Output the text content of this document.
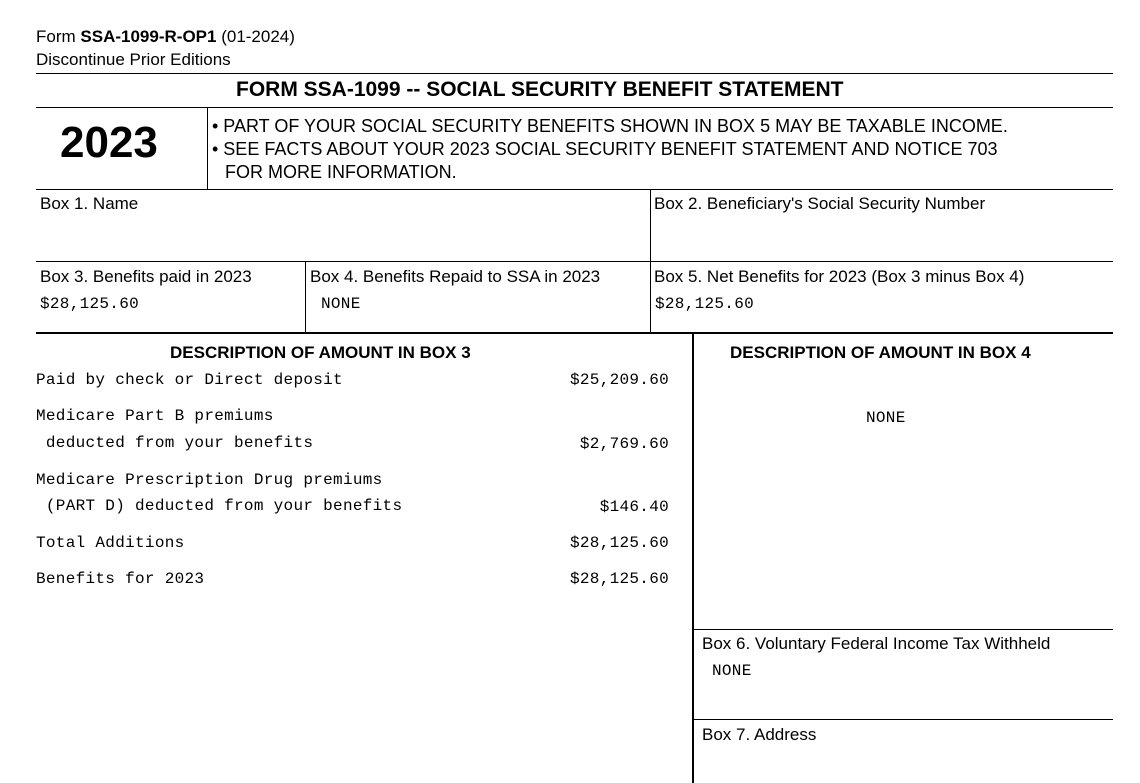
Form SSA-1099-R-OP1 (01-2024)
Discontinue Prior Editions
FORM SSA-1099 -- SOCIAL SECURITY BENEFIT STATEMENT
2023	• PART OF YOUR SOCIAL SECURITY BENEFITS SHOWN IN BOX 5 MAY BE TAXABLE INCOME.
• SEE FACTS ABOUT YOUR 2023 SOCIAL SECURITY BENEFIT STATEMENT AND NOTICE 703
FOR MORE INFORMATION.
Box 1. Name	Box 2. Beneficiary's Social Security Number
Box 3. Benefits paid in 2023
$28,125.60
Box 4. Benefits Repaid to SSA in 2023
NONE
Box 5. Net Benefits for 2023 (Box 3 minus Box 4)
$28,125.60
DESCRIPTION OF AMOUNT IN BOX 3
Paid by check or Direct deposit	$25,209.60
Medicare Part B premiums
deducted from your benefits	$2,769.60
Medicare Prescription Drug premiums
(PART D) deducted from your benefits	$146.40
Total Additions	$28,125.60
Benefits for 2023	$28,125.60
DESCRIPTION OF AMOUNT IN BOX 4
NONE
Box 6. Voluntary Federal Income Tax Withheld
NONE
Box 7. Address
